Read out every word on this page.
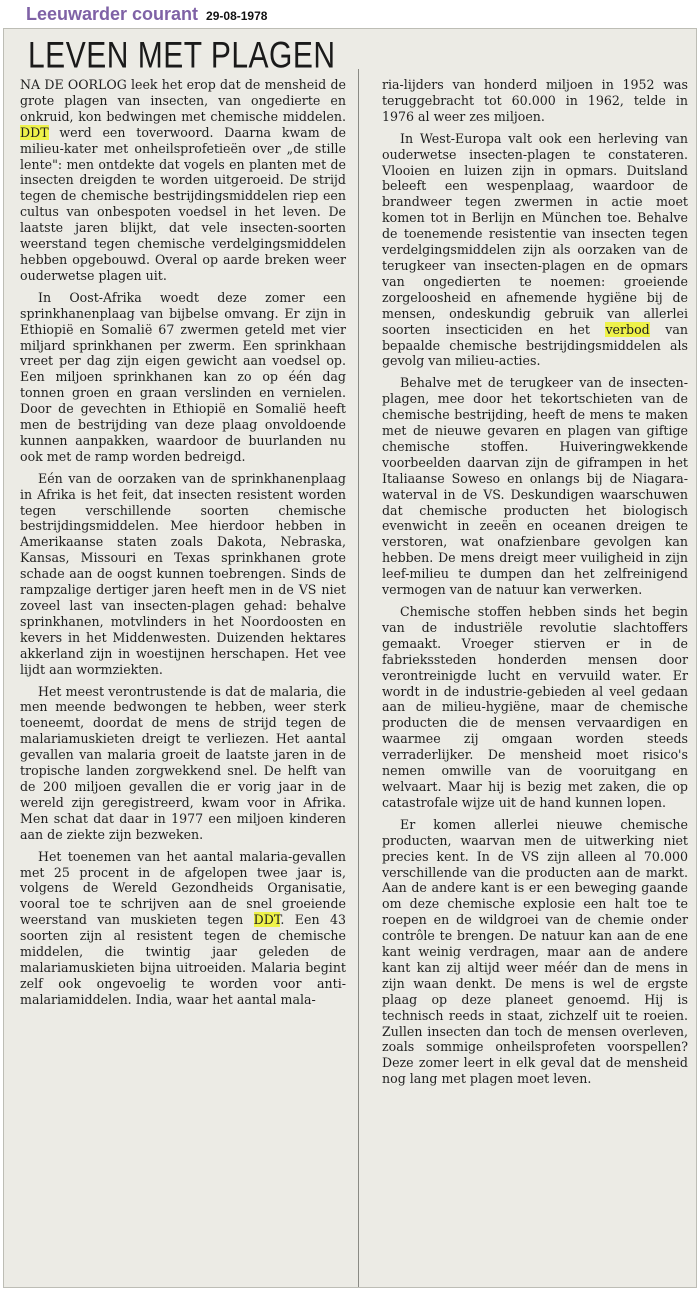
Leeuwarder courant 29-08-1978
LEVEN MET PLAGEN

NA DE OORLOG leek het erop dat de mensheid de grote plagen van insecten, van ongedierte en onkruid, kon bedwingen met chemische middelen. DDT werd een toverwoord. Daarna kwam de milieu-kater met onheilsprofetieën over „de stille lente": men ontdekte dat vogels en planten met de insecten dreigden te worden uitgeroeid. De strijd tegen de chemische bestrijdingsmiddelen riep een cultus van onbespoten voedsel in het leven. De laatste jaren blijkt, dat vele insecten-soorten weerstand tegen chemische verdelgingsmiddelen hebben opgebouwd. Overal op aarde breken weer ouderwetse plagen uit.

In Oost-Afrika woedt deze zomer een sprinkhanenplaag van bijbelse omvang. Er zijn in Ethiopië en Somalië 67 zwermen geteld met vier miljard sprinkhanen per zwerm. Een sprinkhaan vreet per dag zijn eigen gewicht aan voedsel op. Een miljoen sprinkhanen kan zo op één dag tonnen groen en graan verslinden en vernielen. Door de gevechten in Ethiopië en Somalië heeft men de bestrijding van deze plaag onvoldoende kunnen aanpakken, waardoor de buurlanden nu ook met de ramp worden bedreigd.

Eén van de oorzaken van de sprinkhanenplaag in Afrika is het feit, dat insecten resistent worden tegen verschillende soorten chemische bestrijdingsmiddelen. Mee hierdoor hebben in Amerikaanse staten zoals Dakota, Nebraska, Kansas, Missouri en Texas sprinkhanen grote schade aan de oogst kunnen toebrengen. Sinds de rampzalige dertiger jaren heeft men in de VS niet zoveel last van insecten-plagen gehad: behalve sprinkhanen, motvlinders in het Noordoosten en kevers in het Middenwesten. Duizenden hektares akkerland zijn in woestijnen herschapen. Het vee lijdt aan wormziekten.

Het meest verontrustende is dat de malaria, die men meende bedwongen te hebben, weer sterk toeneemt, doordat de mens de strijd tegen de malariamuskieten dreigt te verliezen. Het aantal gevallen van malaria groeit de laatste jaren in de tropische landen zorgwekkend snel. De helft van de 200 miljoen gevallen die er vorig jaar in de wereld zijn geregistreerd, kwam voor in Afrika. Men schat dat daar in 1977 een miljoen kinderen aan de ziekte zijn bezweken.

Het toenemen van het aantal malaria-gevallen met 25 procent in de afgelopen twee jaar is, volgens de Wereld Gezondheids Organisatie, vooral toe te schrijven aan de snel groeiende weerstand van muskieten tegen DDT. Een 43 soorten zijn al resistent tegen de chemische middelen, die twintig jaar geleden de malariamuskieten bijna uitroeiden. Malaria begint zelf ook ongevoelig te worden voor anti-malariamiddelen. India, waar het aantal mala-

ria-lijders van honderd miljoen in 1952 was teruggebracht tot 60.000 in 1962, telde in 1976 al weer zes miljoen.

In West-Europa valt ook een herleving van ouderwetse insecten-plagen te constateren. Vlooien en luizen zijn in opmars. Duitsland beleeft een wespenplaag, waardoor de brandweer tegen zwermen in actie moet komen tot in Berlijn en München toe. Behalve de toenemende resistentie van insecten tegen verdelgingsmiddelen zijn als oorzaken van de terugkeer van insecten-plagen en de opmars van ongedierten te noemen: groeiende zorgeloosheid en afnemende hygiëne bij de mensen, ondeskundig gebruik van allerlei soorten insecticiden en het verbod van bepaalde chemische bestrijdingsmiddelen als gevolg van milieu-acties.

Behalve met de terugkeer van de insecten-plagen, mee door het tekortschieten van de chemische bestrijding, heeft de mens te maken met de nieuwe gevaren en plagen van giftige chemische stoffen. Huiveringwekkende voorbeelden daarvan zijn de giframpen in het Italiaanse Soweso en onlangs bij de Niagara-waterval in de VS. Deskundigen waarschuwen dat chemische producten het biologisch evenwicht in zeeën en oceanen dreigen te verstoren, wat onafzienbare gevolgen kan hebben. De mens dreigt meer vuiligheid in zijn leef-milieu te dumpen dan het zelfreinigend vermogen van de natuur kan verwerken.

Chemische stoffen hebben sinds het begin van de industriële revolutie slachtoffers gemaakt. Vroeger stierven er in de fabriekssteden honderden mensen door verontreinigde lucht en vervuild water. Er wordt in de industrie-gebieden al veel gedaan aan de milieu-hygiëne, maar de chemische producten die de mensen vervaardigen en waarmee zij omgaan worden steeds verraderlijker. De mensheid moet risico's nemen omwille van de vooruitgang en welvaart. Maar hij is bezig met zaken, die op catastrofale wijze uit de hand kunnen lopen.

Er komen allerlei nieuwe chemische producten, waarvan men de uitwerking niet precies kent. In de VS zijn alleen al 70.000 verschillende van die producten aan de markt. Aan de andere kant is er een beweging gaande om deze chemische explosie een halt toe te roepen en de wildgroei van de chemie onder contrôle te brengen. De natuur kan aan de ene kant weinig verdragen, maar aan de andere kant kan zij altijd weer méér dan de mens in zijn waan denkt. De mens is wel de ergste plaag op deze planeet genoemd. Hij is technisch reeds in staat, zichzelf uit te roeien. Zullen insecten dan toch de mensen overleven, zoals sommige onheilsprofeten voorspellen? Deze zomer leert in elk geval dat de mensheid nog lang met plagen moet leven.
